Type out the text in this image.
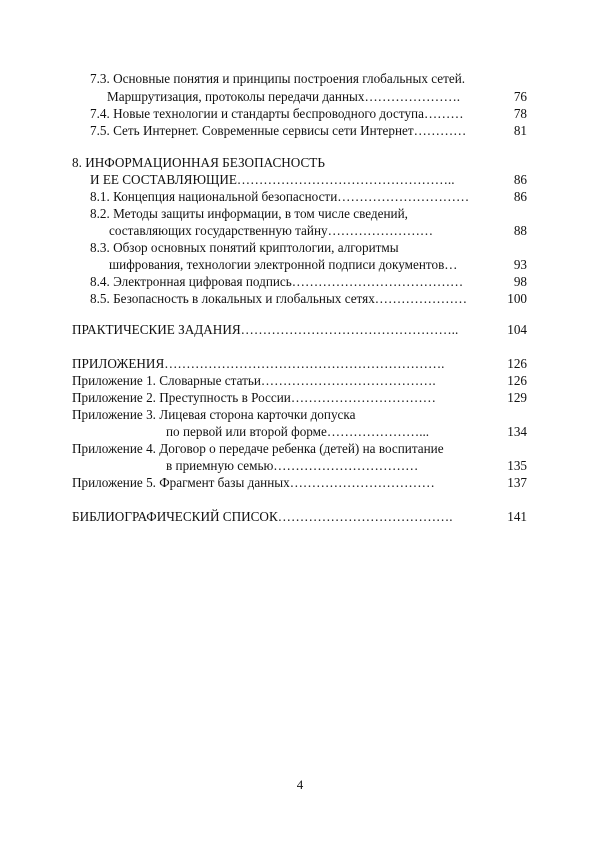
7.3. Основные понятия и принципы построения глобальных сетей.
Маршрутизация, протоколы передачи данных………………….	76
7.4. Новые технологии и стандарты беспроводного доступа………	78
7.5. Сеть Интернет. Современные сервисы сети Интернет…………	81
8. ИНФОРМАЦИОННАЯ БЕЗОПАСНОСТЬ
И ЕЕ СОСТАВЛЯЮЩИЕ…………………………………………..	86
8.1. Концепция национальной безопасности…………………………	86
8.2. Методы защиты информации, в том числе сведений,
составляющих государственную тайну……………………	88
8.3. Обзор основных понятий криптологии, алгоритмы
шифрования, технологии электронной подписи документов…	93
8.4. Электронная цифровая подпись…………………………………	98
8.5. Безопасность в локальных и глобальных сетях…………………	100
ПРАКТИЧЕСКИЕ ЗАДАНИЯ…………………………………………..	104
ПРИЛОЖЕНИЯ……………………………………………………….	126
Приложение 1. Словарные статьи………………………………….	126
Приложение 2. Преступность в России……………………………	129
Приложение 3. Лицевая сторона карточки допуска
по первой или второй форме…………………...	134
Приложение 4. Договор о передаче ребенка (детей) на воспитание
в приемную семью……………………………	135
Приложение 5. Фрагмент базы данных……………………………	137
БИБЛИОГРАФИЧЕСКИЙ СПИСОК………………………………….	141
4
